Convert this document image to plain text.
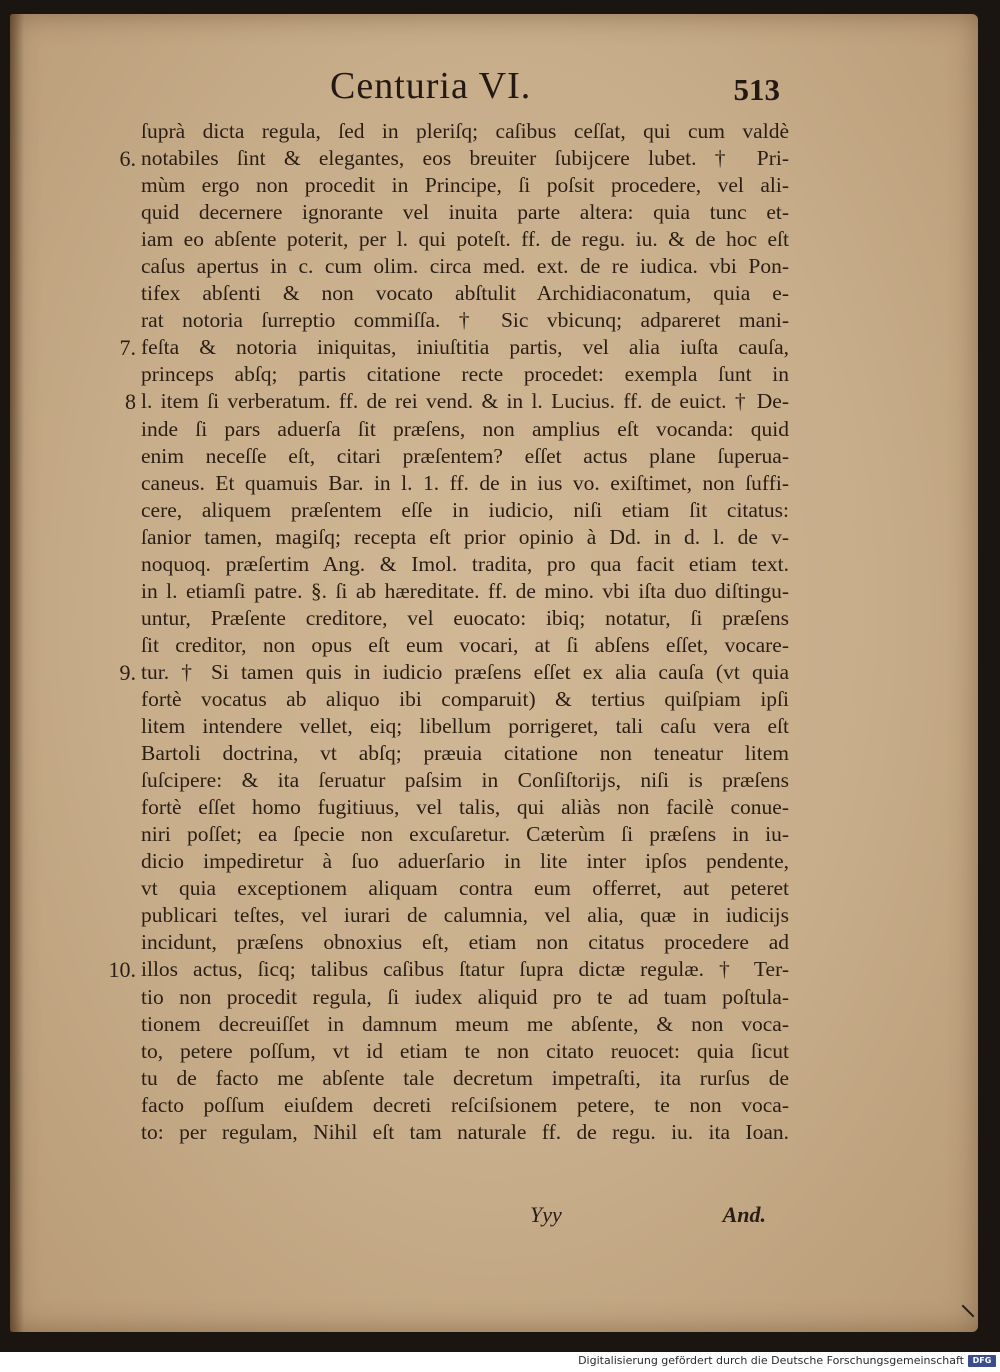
Centuria VI.	513
ſuprà dicta regula, ſed in pleriſq; caſibus ceſſat, qui cum valdè
6. notabiles ſint & elegantes, eos breuiter ſubijcere lubet. † Pri-
mùm ergo non procedit in Principe, ſi poſsit procedere, vel ali-
quid decernere ignorante vel inuita parte altera: quia tunc et-
iam eo abſente poterit, per l. qui poteſt. ff. de regu. iu. & de hoc eſt
caſus apertus in c. cum olim. circa med. ext. de re iudica. vbi Pon-
tifex abſenti & non vocato abſtulit Archidiaconatum, quia e-
rat notoria ſurreptio commiſſa. † Sic vbicunq; adpareret mani-
7. feſta & notoria iniquitas, iniuſtitia partis, vel alia iuſta cauſa,
princeps abſq; partis citatione recte procedet: exempla ſunt in
8 l. item ſi verberatum. ff. de rei vend. & in l. Lucius. ff. de euict. † De-
inde ſi pars aduerſa ſit præſens, non amplius eſt vocanda: quid
enim neceſſe eſt, citari præſentem? eſſet actus plane ſuperua-
caneus. Et quamuis Bar. in l. 1. ff. de in ius vo. exiſtimet, non ſuffi-
cere, aliquem præſentem eſſe in iudicio, niſi etiam ſit citatus:
ſanior tamen, magiſq; recepta eſt prior opinio à Dd. in d. l. de v-
noquoq. præſertim Ang. & Imol. tradita, pro qua facit etiam text.
in l. etiamſi patre. §. ſi ab hæreditate. ff. de mino. vbi iſta duo diſtingu-
untur, Præſente creditore, vel euocato: ibiq; notatur, ſi præſens
ſit creditor, non opus eſt eum vocari, at ſi abſens eſſet, vocare-
9. tur. † Si tamen quis in iudicio præſens eſſet ex alia cauſa (vt quia
fortè vocatus ab aliquo ibi comparuit) & tertius quiſpiam ipſi
litem intendere vellet, eiq; libellum porrigeret, tali caſu vera eſt
Bartoli doctrina, vt abſq; præuia citatione non teneatur litem
ſuſcipere: & ita ſeruatur paſsim in Conſiſtorijs, niſi is præſens
fortè eſſet homo fugitiuus, vel talis, qui aliàs non facilè conue-
niri poſſet; ea ſpecie non excuſaretur. Cæterùm ſi præſens in iu-
dicio impediretur à ſuo aduerſario in lite inter ipſos pendente,
vt quia exceptionem aliquam contra eum offerret, aut peteret
publicari teſtes, vel iurari de calumnia, vel alia, quæ in iudicijs
incidunt, præſens obnoxius eſt, etiam non citatus procedere ad
10. illos actus, ſicq; talibus caſibus ſtatur ſupra dictæ regulæ. † Ter-
tio non procedit regula, ſi iudex aliquid pro te ad tuam poſtula-
tionem decreuiſſet in damnum meum me abſente, & non voca-
to, petere poſſum, vt id etiam te non citato reuocet: quia ſicut
tu de facto me abſente tale decretum impetraſti, ita rurſus de
facto poſſum eiuſdem decreti reſciſsionem petere, te non voca-
to: per regulam, Nihil eſt tam naturale ff. de regu. iu. ita Ioan.
Yyy	And.
Digitalisierung gefördert durch die Deutsche Forschungsgemeinschaft	DFG
